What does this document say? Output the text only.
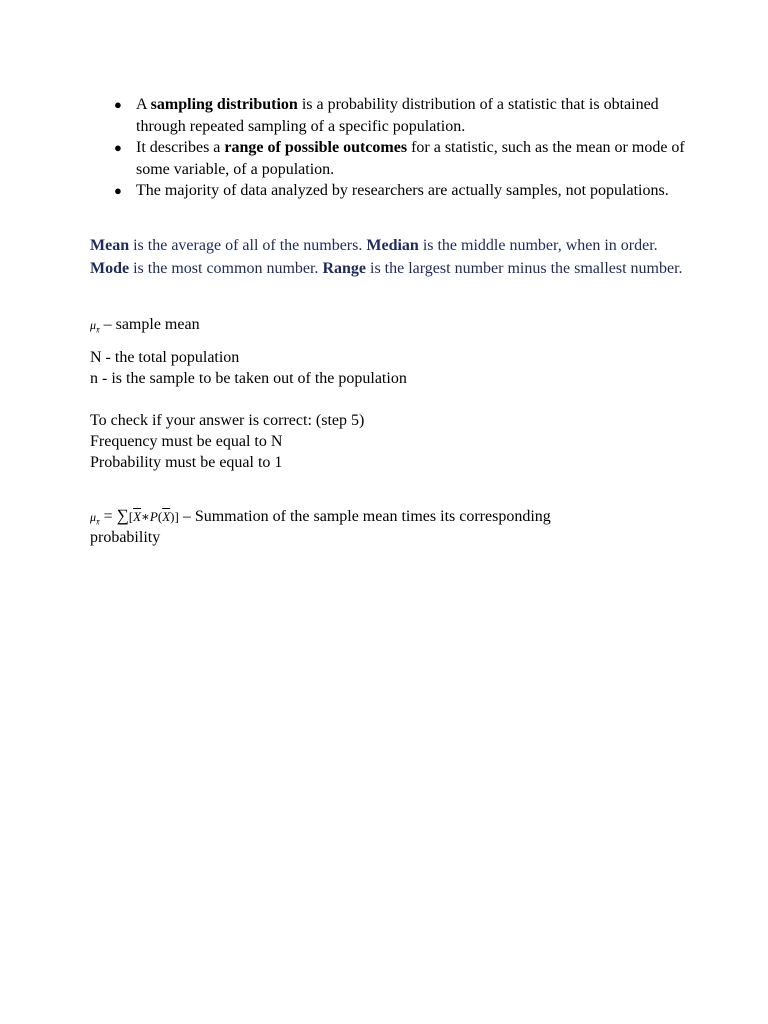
● A sampling distribution is a probability distribution of a statistic that is obtained through repeated sampling of a specific population.
● It describes a range of possible outcomes for a statistic, such as the mean or mode of some variable, of a population.
● The majority of data analyzed by researchers are actually samples, not populations.

Mean is the average of all of the numbers. Median is the middle number, when in order. Mode is the most common number. Range is the largest number minus the smallest number.

$\mu_{x̄}$ – sample mean

N - the total population

n - is the sample to be taken out of the population

To check if your answer is correct: (step 5)

Frequency must be equal to N

Probability must be equal to 1

$\mu_{x̄}$ = $\sum[\overline{X}∗P(\overline{X})]$ – Summation of the sample mean times its corresponding

probability
